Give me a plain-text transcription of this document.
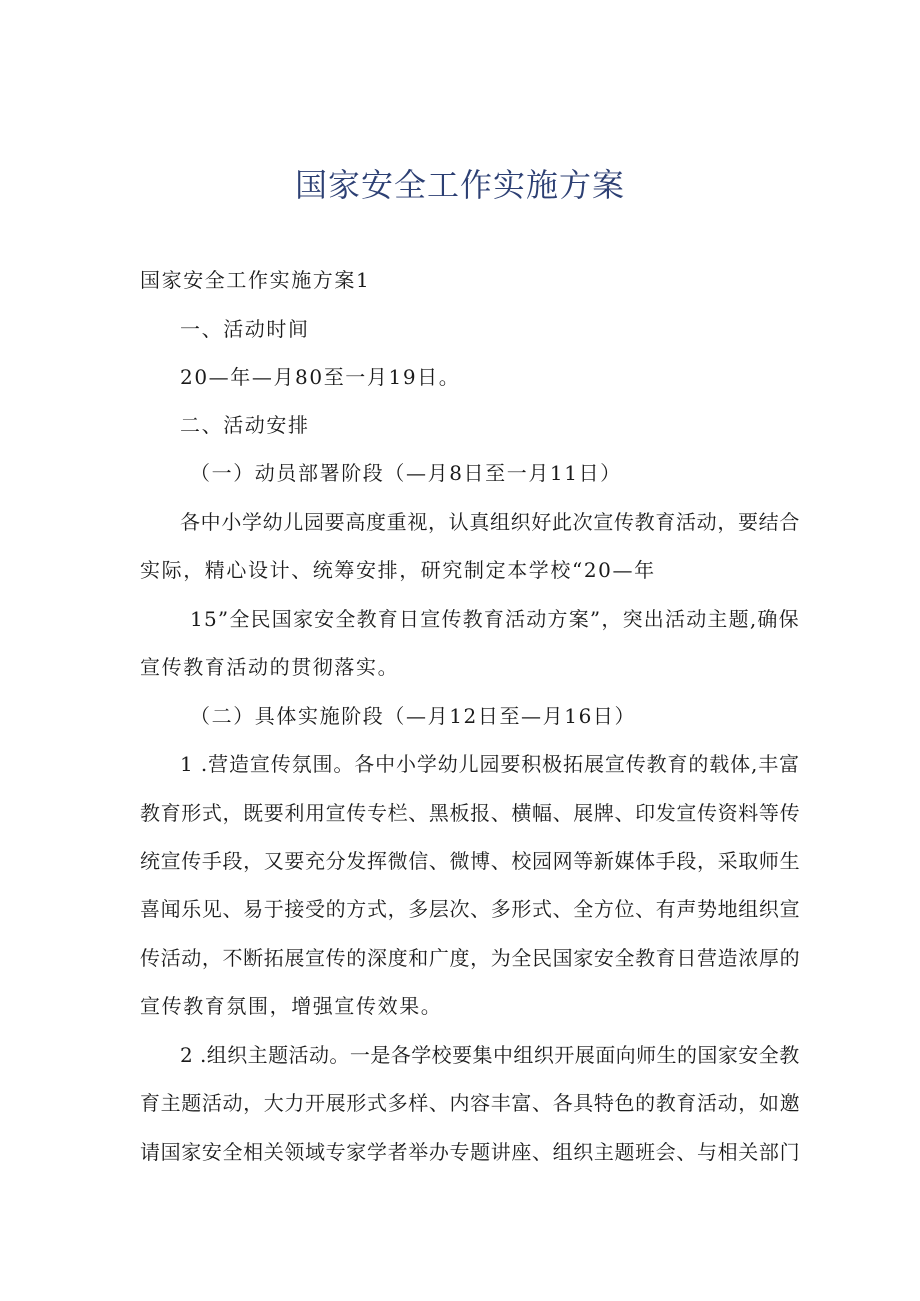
国家安全工作实施方案
国家安全工作实施方案1
一、活动时间
20—年—月80至一月19日。
二、活动安排
（一）动员部署阶段（—月8日至一月11日）
各中小学幼儿园要高度重视，认真组织好此次宣传教育活动，要结合
实际，精心设计、统筹安排，研究制定本学校“20—年
15”全民国家安全教育日宣传教育活动方案”，突出活动主题,确保
宣传教育活动的贯彻落实。
（二）具体实施阶段（—月12日至—月16日）
1 .营造宣传氛围。各中小学幼儿园要积极拓展宣传教育的载体,丰富
教育形式，既要利用宣传专栏、黑板报、横幅、展牌、印发宣传资料等传
统宣传手段，又要充分发挥微信、微博、校园网等新媒体手段，采取师生
喜闻乐见、易于接受的方式，多层次、多形式、全方位、有声势地组织宣
传活动，不断拓展宣传的深度和广度，为全民国家安全教育日营造浓厚的
宣传教育氛围，增强宣传效果。
2 .组织主题活动。一是各学校要集中组织开展面向师生的国家安全教
育主题活动，大力开展形式多样、内容丰富、各具特色的教育活动，如邀
请国家安全相关领域专家学者举办专题讲座、组织主题班会、与相关部门
